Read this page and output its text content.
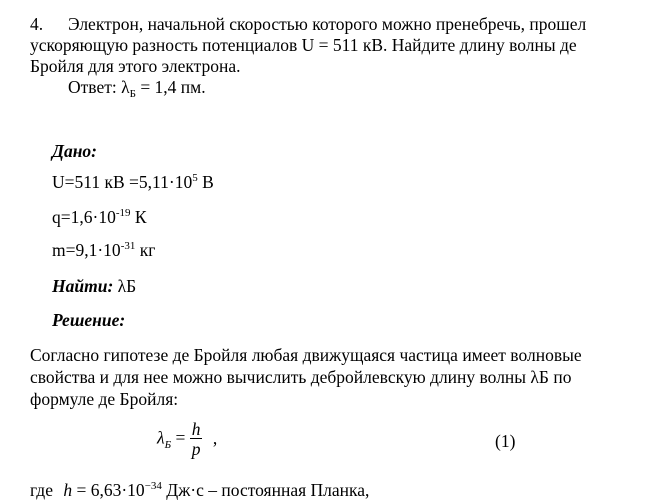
4. Электрон, начальной скоростью которого можно пренебречь, прошел
ускоряющую разность потенциалов U = 511 кВ. Найдите длину волны де
Бройля для этого электрона.
Ответ: $\lambda_Б = 1,4$ пм.
Дано:
U=511 кВ $=5,11\cdot 10^5$ В
$q=1,6\cdot 10^{-19}$ К
$m=9,1\cdot 10^{-31}$ кг
Найти: λБ
Решение:
Согласно гипотезе де Бройля любая движущаяся частица имеет волновые
свойства и для нее можно вычислить дебройлевскую длину волны λБ по
формуле де Бройля:
$\lambda_Б = \frac{h}{p}$ ,	(1)
где $h = 6,63\cdot 10^{-34}$ Дж·с – постоянная Планка,
